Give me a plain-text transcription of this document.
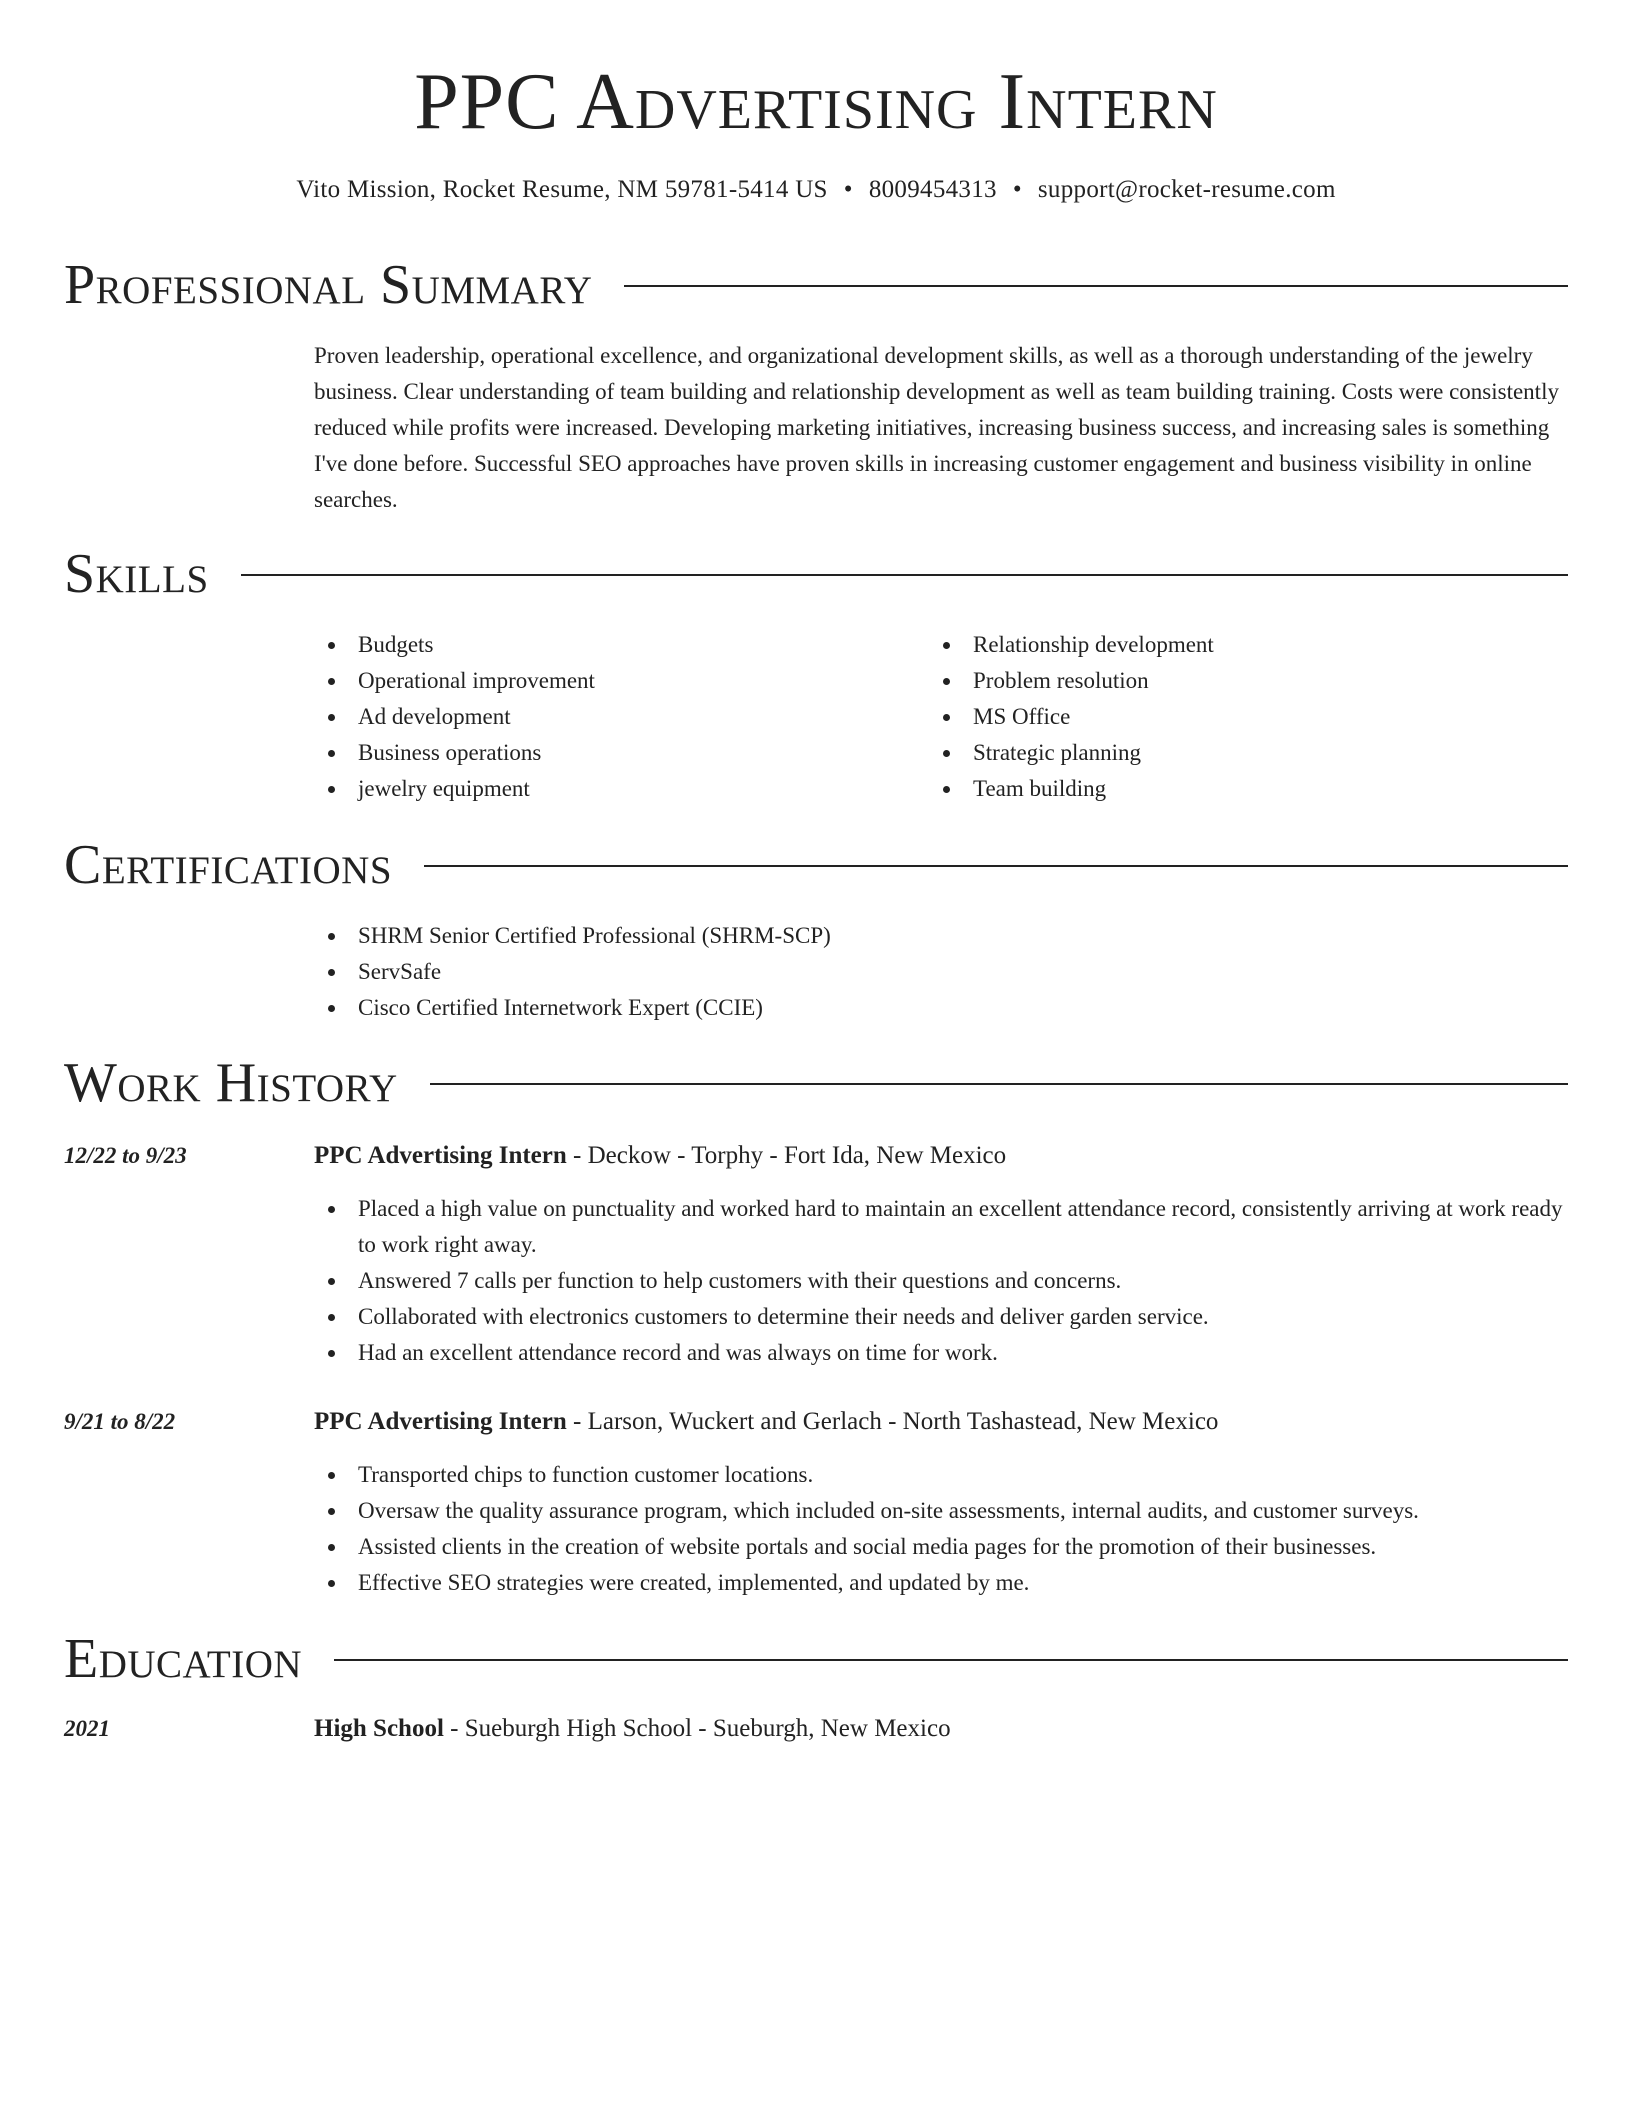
PPC Advertising Intern
Vito Mission, Rocket Resume, NM 59781-5414 US • 8009454313 • support@rocket-resume.com
Professional Summary

Proven leadership, operational excellence, and organizational development skills, as well as a thorough understanding of the jewelry business. Clear understanding of team building and relationship development as well as team building training. Costs were consistently reduced while profits were increased. Developing marketing initiatives, increasing business success, and increasing sales is something I've done before. Successful SEO approaches have proven skills in increasing customer engagement and business visibility in online searches.

Skills
Budgets
Operational improvement
Ad development
Business operations
jewelry equipment
Relationship development
Problem resolution
MS Office
Strategic planning
Team building
Certifications
SHRM Senior Certified Professional (SHRM-SCP)
ServSafe
Cisco Certified Internetwork Expert (CCIE)
Work History
12/22 to 9/23	PPC Advertising Intern - Deckow - Torphy - Fort Ida, New Mexico
Placed a high value on punctuality and worked hard to maintain an excellent attendance record, consistently arriving at work ready to work right away.
Answered 7 calls per function to help customers with their questions and concerns.
Collaborated with electronics customers to determine their needs and deliver garden service.
Had an excellent attendance record and was always on time for work.
9/21 to 8/22	PPC Advertising Intern - Larson, Wuckert and Gerlach - North Tashastead, New Mexico
Transported chips to function customer locations.
Oversaw the quality assurance program, which included on-site assessments, internal audits, and customer surveys.
Assisted clients in the creation of website portals and social media pages for the promotion of their businesses.
Effective SEO strategies were created, implemented, and updated by me.
Education
2021	High School - Sueburgh High School - Sueburgh, New Mexico
